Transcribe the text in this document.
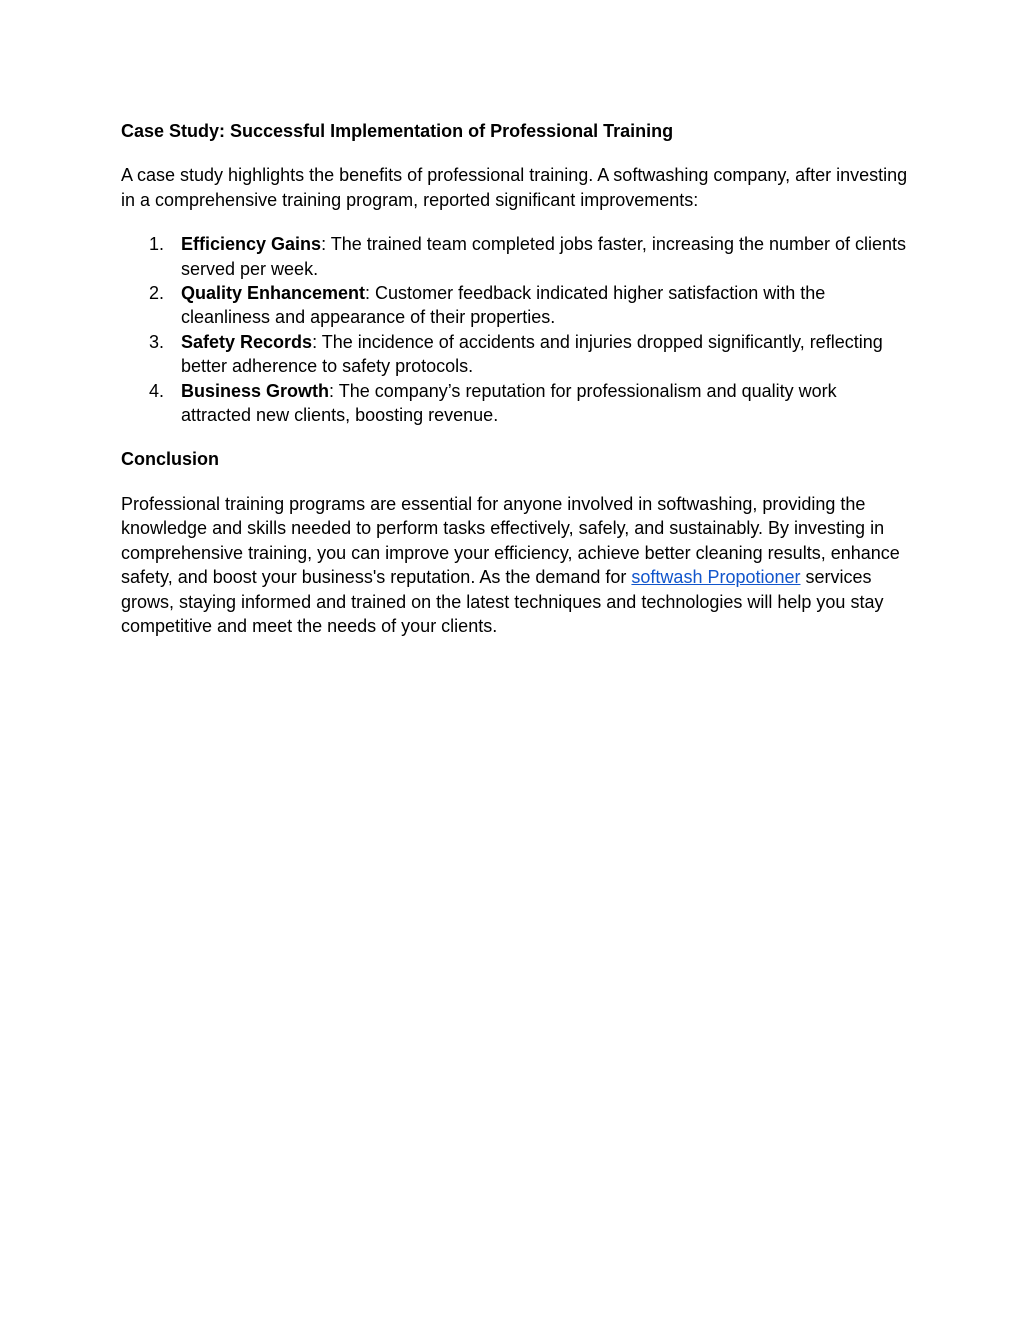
Case Study: Successful Implementation of Professional Training

A case study highlights the benefits of professional training. A softwashing company, after investing in a comprehensive training program, reported significant improvements:

1. Efficiency Gains: The trained team completed jobs faster, increasing the number of clients served per week.
2. Quality Enhancement: Customer feedback indicated higher satisfaction with the cleanliness and appearance of their properties.
3. Safety Records: The incidence of accidents and injuries dropped significantly, reflecting better adherence to safety protocols.
4. Business Growth: The company’s reputation for professionalism and quality work attracted new clients, boosting revenue.

Conclusion

Professional training programs are essential for anyone involved in softwashing, providing the knowledge and skills needed to perform tasks effectively, safely, and sustainably. By investing in comprehensive training, you can improve your efficiency, achieve better cleaning results, enhance safety, and boost your business's reputation. As the demand for softwash Propotioner services grows, staying informed and trained on the latest techniques and technologies will help you stay competitive and meet the needs of your clients.
